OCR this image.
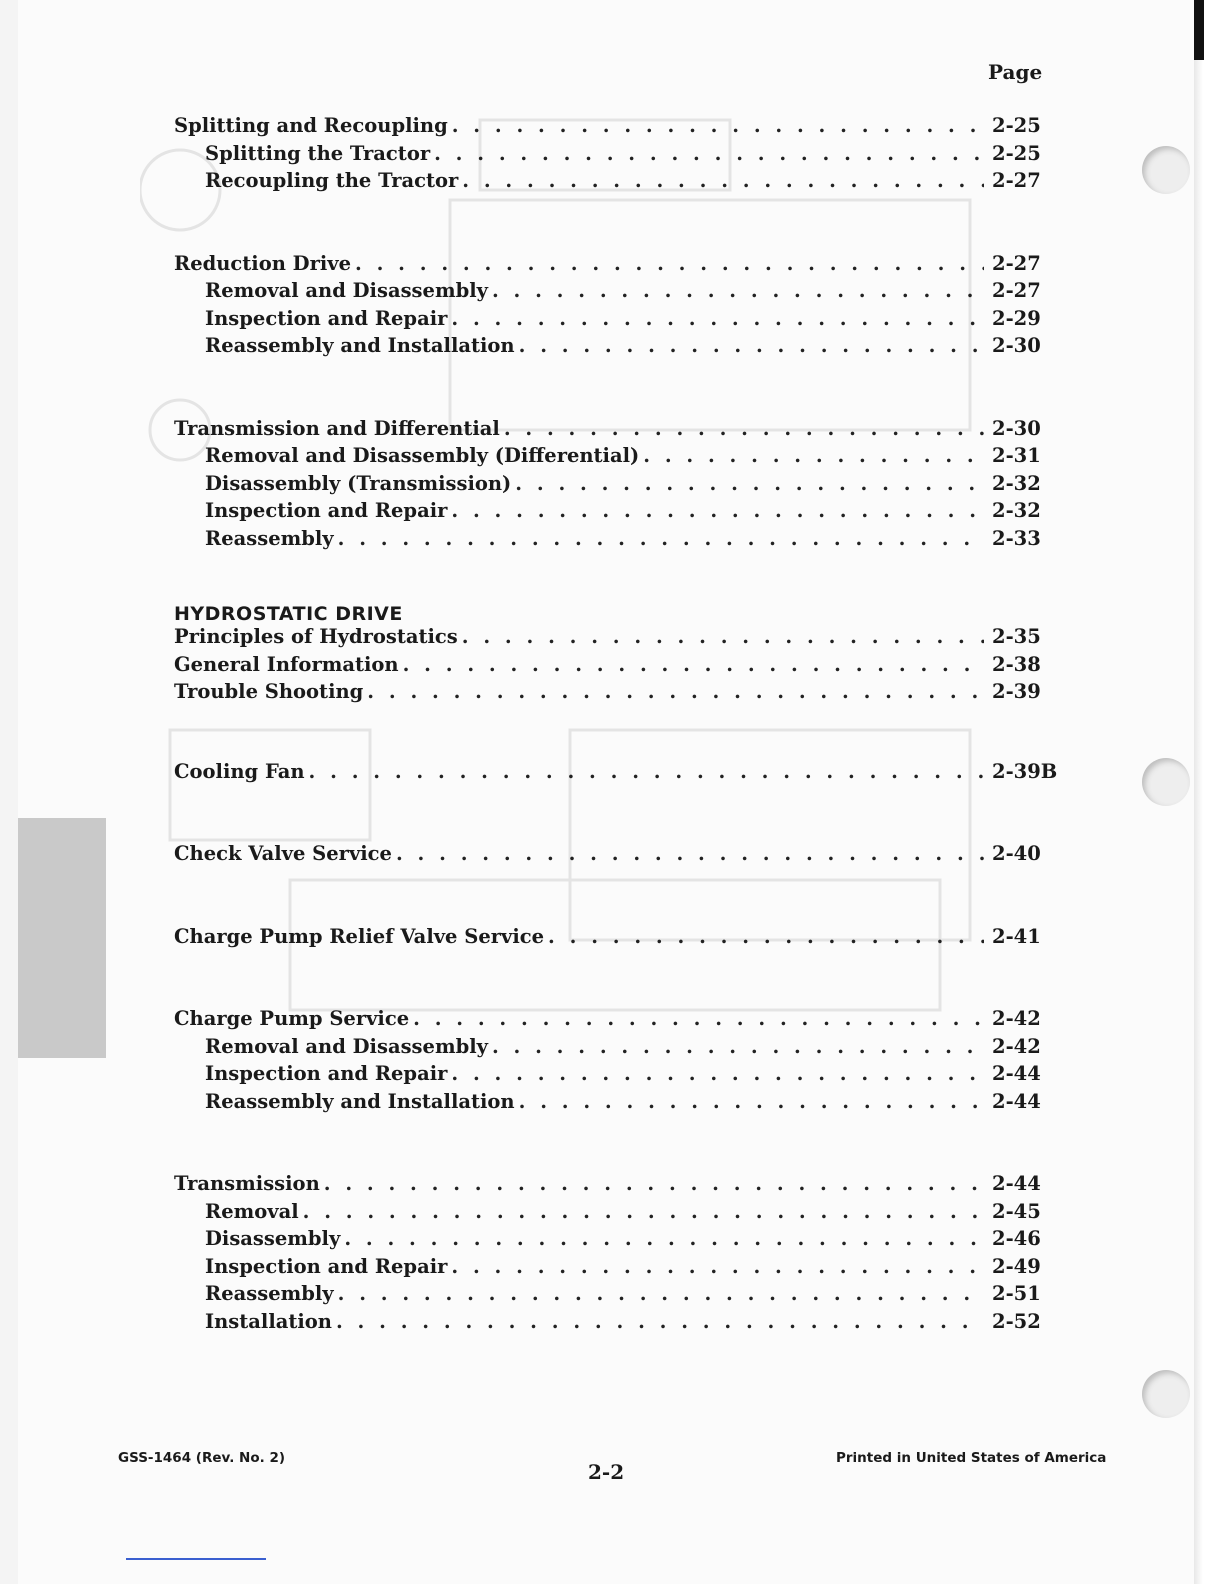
Page
Splitting and Recoupling . . .	2-25
Splitting the Tractor . . .	2-25
Recoupling the Tractor . . .	2-27
Reduction Drive . . .	2-27
Removal and Disassembly . . .	2-27
Inspection and Repair . . .	2-29
Reassembly and Installation . . .	2-30
Transmission and Differential . . .	2-30
Removal and Disassembly (Differential) . . .	2-31
Disassembly (Transmission) . . .	2-32
Inspection and Repair . . .	2-32
Reassembly . . .	2-33
HYDROSTATIC DRIVE
Principles of Hydrostatics . . .	2-35
General Information . . .	2-38
Trouble Shooting . . .	2-39
Cooling Fan . . .	2-39B
Check Valve Service . . .	2-40
Charge Pump Relief Valve Service . . .	2-41
Charge Pump Service . . .	2-42
Removal and Disassembly . . .	2-42
Inspection and Repair . . .	2-44
Reassembly and Installation . . .	2-44
Transmission . . .	2-44
Removal . . .	2-45
Disassembly . . .	2-46
Inspection and Repair . . .	2-49
Reassembly . . .	2-51
Installation . . .	2-52
GSS-1464 (Rev. No. 2)
2-2
Printed in United States of America
